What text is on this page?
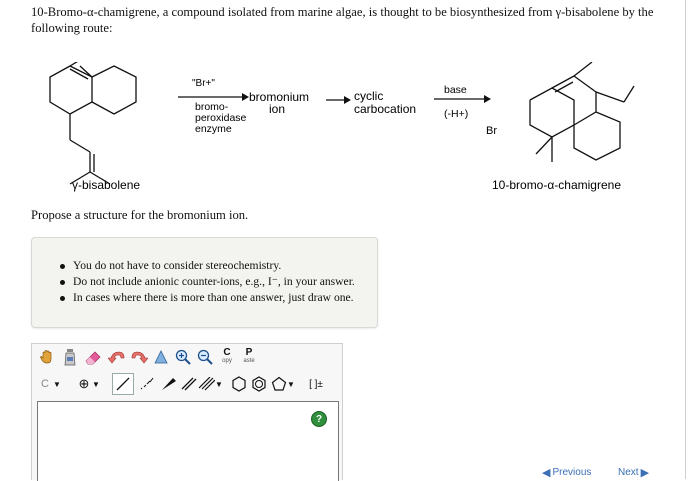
10-Bromo-α-chamigrene, a compound isolated from marine algae, is thought to be biosynthesized from γ-bisabolene by the following route:
"Br+"
bromo-
peroxidase
enzyme
bromonium
ion
cyclic
carbocation
base
(-H+)
Br
γ-bisabolene	10-bromo-α-chamigrene
Propose a structure for the bromonium ion.
You do not have to consider stereochemistry.
Do not include anionic counter-ions, e.g., I⁻, in your answer.
In cases where there is more than one answer, just draw one.
C
opy
P
aste
C ▼ ⊕ ▼	▼	▼	[ ]±
?
◀ Previous	Next ▶
